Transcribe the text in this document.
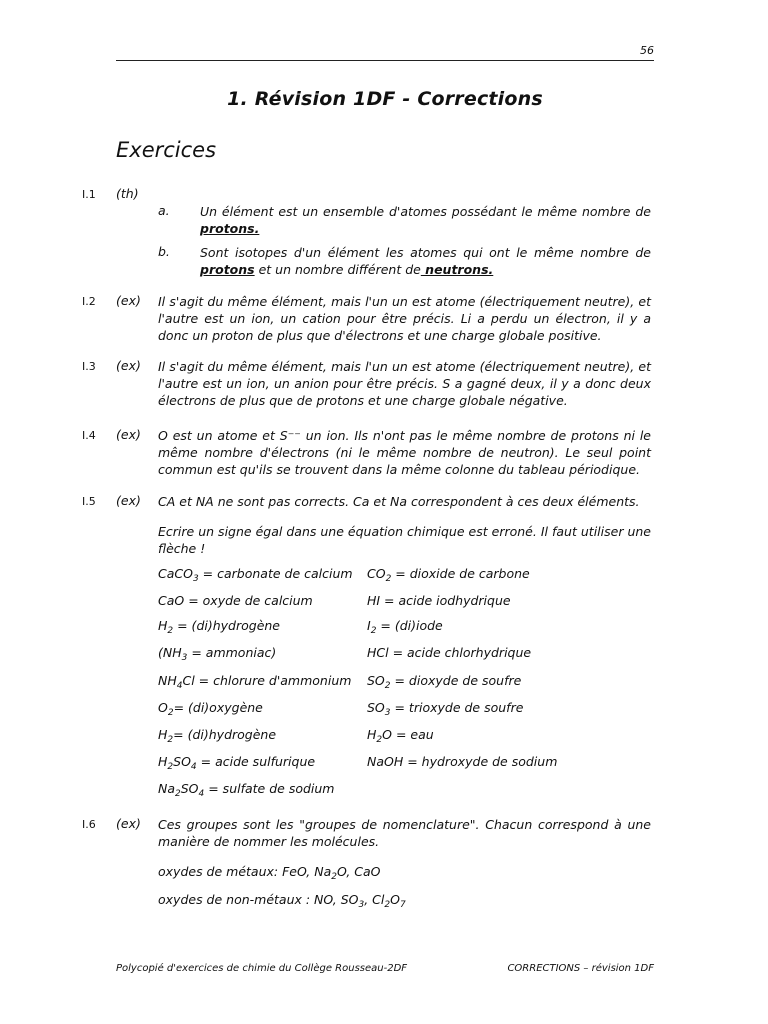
56
1. Révision 1DF - Corrections
Exercices
I.1 (th)
a. Un élément est un ensemble d'atomes possédant le même nombre de protons.

b. Sont isotopes d'un élément les atomes qui ont le même nombre de protons et un nombre différent de neutrons.

I.2 (ex) Il s'agit du même élément, mais l'un un est atome (électriquement neutre), et l'autre est un ion, un cation pour être précis. Li a perdu un électron, il y a donc un proton de plus que d'électrons et une charge globale positive.

I.3 (ex) Il s'agit du même élément, mais l'un un est atome (électriquement neutre), et l'autre est un ion, un anion pour être précis. S a gagné deux, il y a donc deux électrons de plus que de protons et une charge globale négative.

I.4 (ex) O est un atome et S⁻⁻ un ion. Ils n'ont pas le même nombre de protons ni le même nombre d'électrons (ni le même nombre de neutron). Le seul point commun est qu'ils se trouvent dans la même colonne du tableau périodique.

I.5 (ex) CA et NA ne sont pas corrects. Ca et Na correspondent à ces deux éléments.

Ecrire un signe égal dans une équation chimique est erroné. Il faut utiliser une flèche !

CaCO$_3$ = carbonate de calcium $CO_2$ = dioxide de carbone
CaO = oxyde de calcium	HI = acide iodhydrique
$H_2$ = (di)hydrogène	$I_2$ = (di)iode
($NH_3$ = ammoniac)	HCl = acide chlorhydrique
$NH_4Cl$ = chlorure d'ammonium $SO_2$ = dioxyde de soufre
$O_2=$ (di)oxygène	$SO_3$ = trioxyde de soufre
$H_2=$ (di)hydrogène	$H_2O$ = eau
$H_2SO_4$ = acide sulfurique	NaOH = hydroxyde de sodium
$Na_2SO_4$ = sulfate de sodium
I.6 (ex) Ces groupes sont les "groupes de nomenclature". Chacun correspond à une manière de nommer les molécules.

oxydes de métaux: FeO, $Na_2O$, CaO
oxydes de non-métaux : NO, $SO_3$, $Cl_2O_7$
Polycopié d'exercices de chimie du Collège Rousseau-2DF	CORRECTIONS – révision 1DF
